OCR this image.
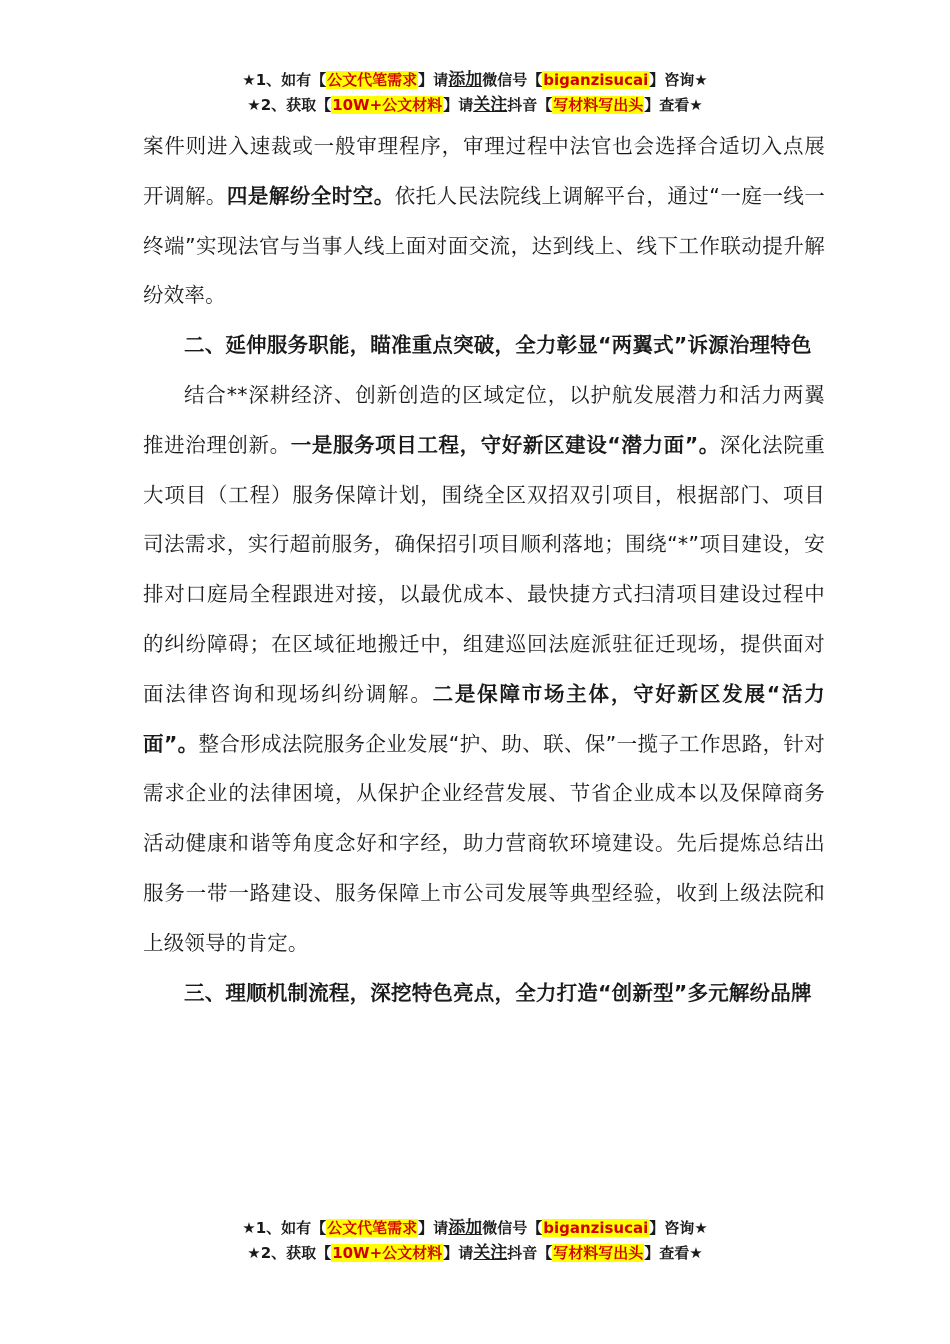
★1、如有【公文代笔需求】请添加微信号【biganzisucai】咨询★
★2、获取【10W+公文材料】请关注抖音【写材料写出头】查看★

案件则进入速裁或一般审理程序，审理过程中法官也会选择合适切入点展开调解。四是解纷全时空。依托人民法院线上调解平台，通过“一庭一线一终端”实现法官与当事人线上面对面交流，达到线上、线下工作联动提升解纷效率。

二、延伸服务职能，瞄准重点突破，全力彰显“两翼式”诉源治理特色

结合**深耕经济、创新创造的区域定位，以护航发展潜力和活力两翼推进治理创新。一是服务项目工程，守好新区建设“潜力面”。深化法院重大项目（工程）服务保障计划，围绕全区双招双引项目，根据部门、项目司法需求，实行超前服务，确保招引项目顺利落地；围绕“*”项目建设，安排对口庭局全程跟进对接，以最优成本、最快捷方式扫清项目建设过程中的纠纷障碍；在区域征地搬迁中，组建巡回法庭派驻征迁现场，提供面对面法律咨询和现场纠纷调解。二是保障市场主体，守好新区发展“活力面”。整合形成法院服务企业发展“护、助、联、保”一揽子工作思路，针对需求企业的法律困境，从保护企业经营发展、节省企业成本以及保障商务活动健康和谐等角度念好和字经，助力营商软环境建设。先后提炼总结出服务一带一路建设、服务保障上市公司发展等典型经验，收到上级法院和上级领导的肯定。

三、理顺机制流程，深挖特色亮点，全力打造“创新型”多元解纷品牌

★1、如有【公文代笔需求】请添加微信号【biganzisucai】咨询★
★2、获取【10W+公文材料】请关注抖音【写材料写出头】查看★
